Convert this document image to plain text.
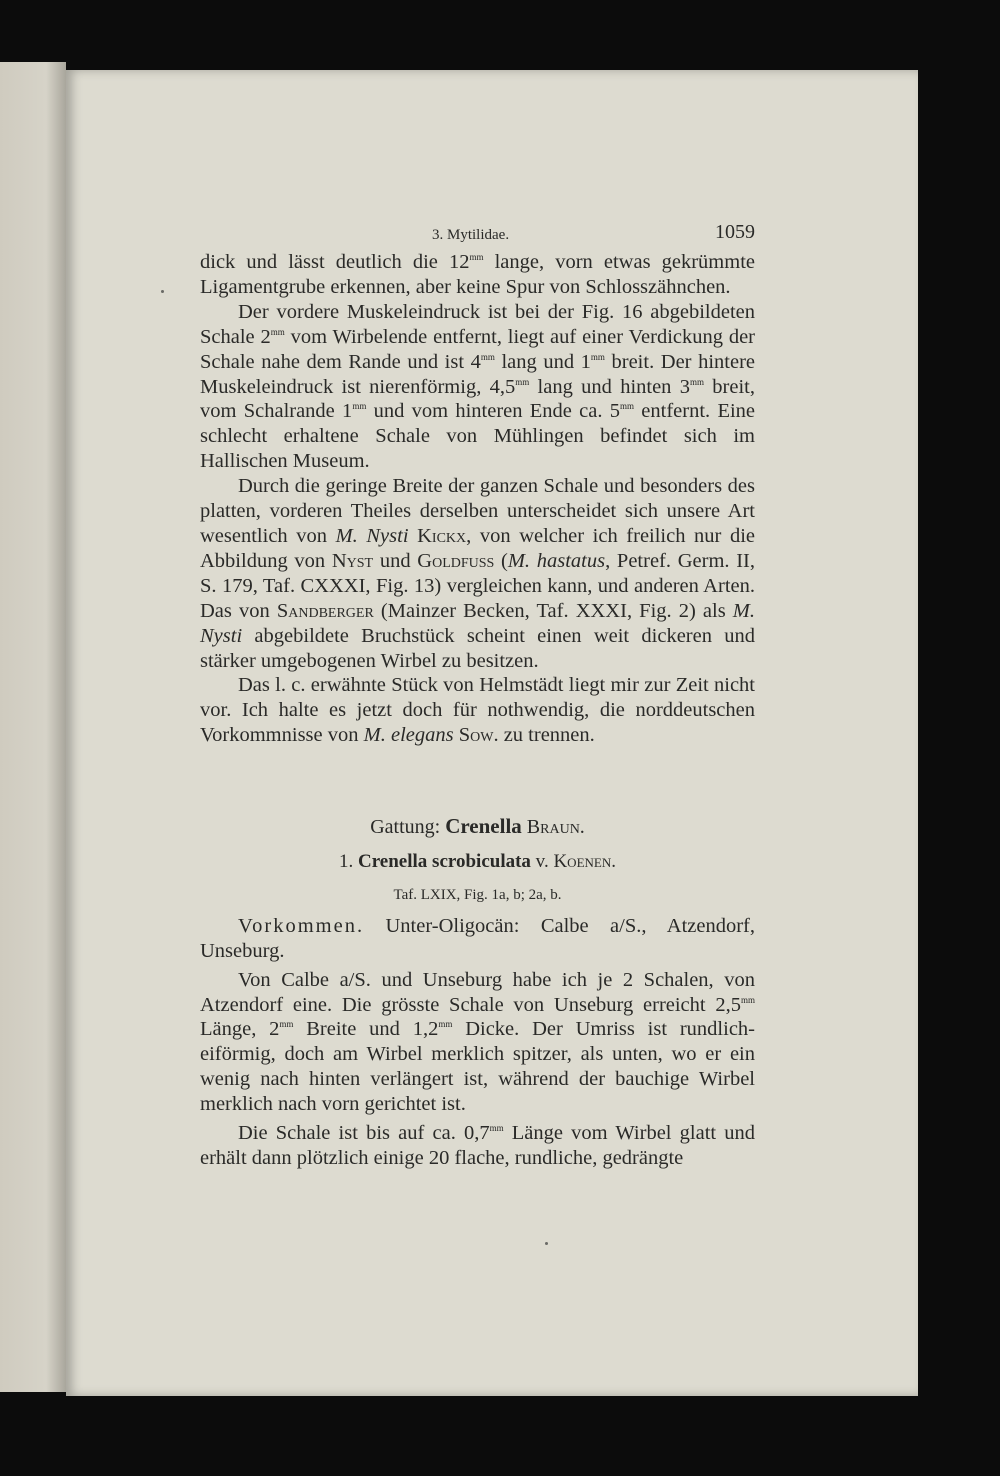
3. Mytilidae.	1059

dick und lässt deutlich die $12^{mm}$ lange, vorn etwas gekrümmte Ligamentgrube erkennen, aber keine Spur von Schlosszähnchen.

Der vordere Muskeleindruck ist bei der Fig. 16 abgebildeten Schale $2^{mm}$ vom Wirbelende entfernt, liegt auf einer Verdickung der Schale nahe dem Rande und ist $4^{mm}$ lang und $1^{mm}$ breit. Der hintere Muskeleindruck ist nierenförmig, $4,5^{mm}$ lang und hinten $3^{mm}$ breit, vom Schalrande $1^{mm}$ und vom hinteren Ende ca. $5^{mm}$ entfernt. Eine schlecht erhaltene Schale von Mühlingen befindet sich im Hallischen Museum.

Durch die geringe Breite der ganzen Schale und besonders des platten, vorderen Theiles derselben unterscheidet sich unsere Art wesentlich von M. Nysti Kickx, von welcher ich freilich nur die Abbildung von Nyst und Goldfuss (M. hastatus, Petref. Germ. II, S. 179, Taf. CXXXI, Fig. 13) vergleichen kann, und anderen Arten. Das von Sandberger (Mainzer Becken, Taf. XXXI, Fig. 2) als M. Nysti abgebildete Bruchstück scheint einen weit dickeren und stärker umgebogenen Wirbel zu besitzen.

Das l. c. erwähnte Stück von Helmstädt liegt mir zur Zeit nicht vor. Ich halte es jetzt doch für nothwendig, die norddeutschen Vorkommnisse von M. elegans Sow. zu trennen.

Gattung: Crenella Braun.

1. Crenella scrobiculata v. Koenen.

Taf. LXIX, Fig. 1a, b; 2a, b.

Vorkommen. Unter-Oligocän: Calbe a/S., Atzendorf, Unseburg.

Von Calbe a/S. und Unseburg habe ich je 2 Schalen, von Atzendorf eine. Die grösste Schale von Unseburg erreicht $2,5^{mm}$ Länge, $2^{mm}$ Breite und $1,2^{mm}$ Dicke. Der Umriss ist rundlich-eiförmig, doch am Wirbel merklich spitzer, als unten, wo er ein wenig nach hinten verlängert ist, während der bauchige Wirbel merklich nach vorn gerichtet ist.

Die Schale ist bis auf ca. $0,7^{mm}$ Länge vom Wirbel glatt und erhält dann plötzlich einige 20 flache, rundliche, gedrängte
